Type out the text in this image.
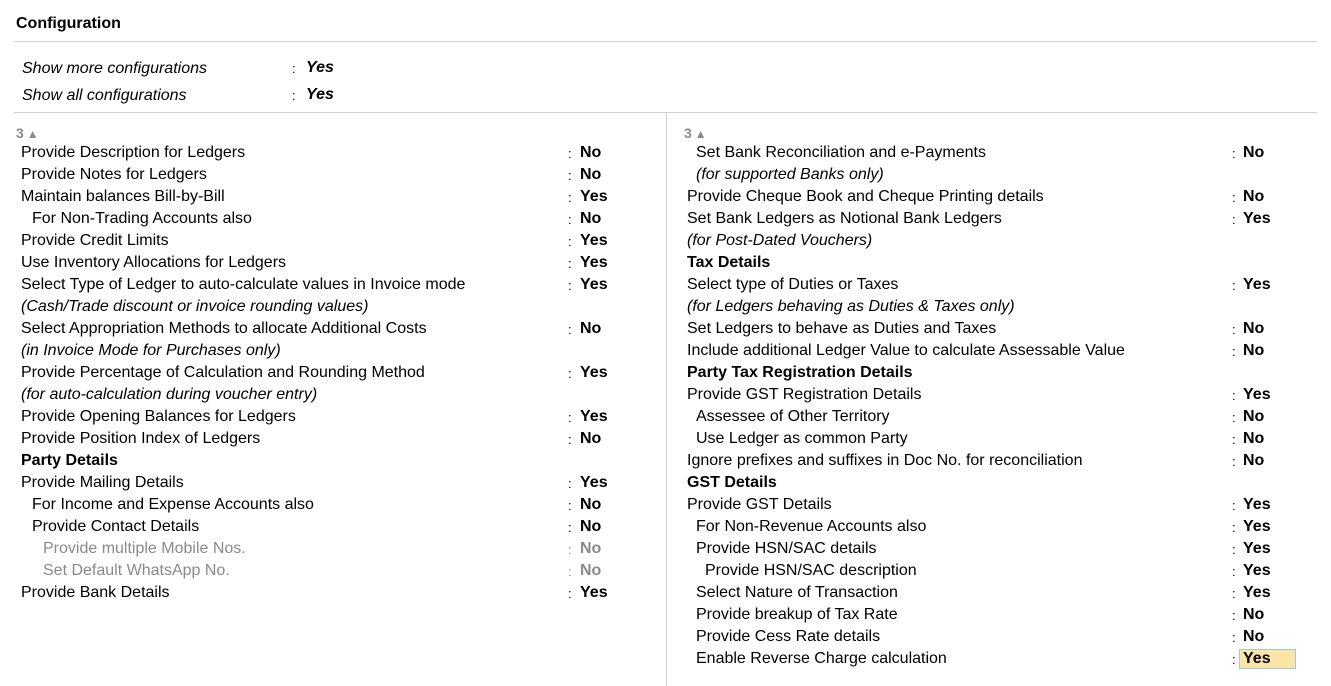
Configuration
Show more configurations	: Yes
Show all configurations	: Yes
3 ▲
Provide Description for Ledgers	: No
Provide Notes for Ledgers	: No
Maintain balances Bill-by-Bill	: Yes
For Non-Trading Accounts also	: No
Provide Credit Limits	: Yes
Use Inventory Allocations for Ledgers	: Yes
Select Type of Ledger to auto-calculate values in Invoice mode	: Yes
(Cash/Trade discount or invoice rounding values)
Select Appropriation Methods to allocate Additional Costs	: No
(in Invoice Mode for Purchases only)
Provide Percentage of Calculation and Rounding Method	: Yes
(for auto-calculation during voucher entry)
Provide Opening Balances for Ledgers	: Yes
Provide Position Index of Ledgers	: No
Party Details
Provide Mailing Details	: Yes
For Income and Expense Accounts also	: No
Provide Contact Details	: No
Provide multiple Mobile Nos.	: No
Set Default WhatsApp No.	: No
Provide Bank Details	: Yes
3 ▲
Set Bank Reconciliation and e-Payments	: No
(for supported Banks only)
Provide Cheque Book and Cheque Printing details	: No
Set Bank Ledgers as Notional Bank Ledgers	: Yes
(for Post-Dated Vouchers)
Tax Details
Select type of Duties or Taxes	: Yes
(for Ledgers behaving as Duties & Taxes only)
Set Ledgers to behave as Duties and Taxes	: No
Include additional Ledger Value to calculate Assessable Value	: No
Party Tax Registration Details
Provide GST Registration Details	: Yes
Assessee of Other Territory	: No
Use Ledger as common Party	: No
Ignore prefixes and suffixes in Doc No. for reconciliation	: No
GST Details
Provide GST Details	: Yes
For Non-Revenue Accounts also	: Yes
Provide HSN/SAC details	: Yes
Provide HSN/SAC description	: Yes
Select Nature of Transaction	: Yes
Provide breakup of Tax Rate	: No
Provide Cess Rate details	: No
Enable Reverse Charge calculation	: Yes
